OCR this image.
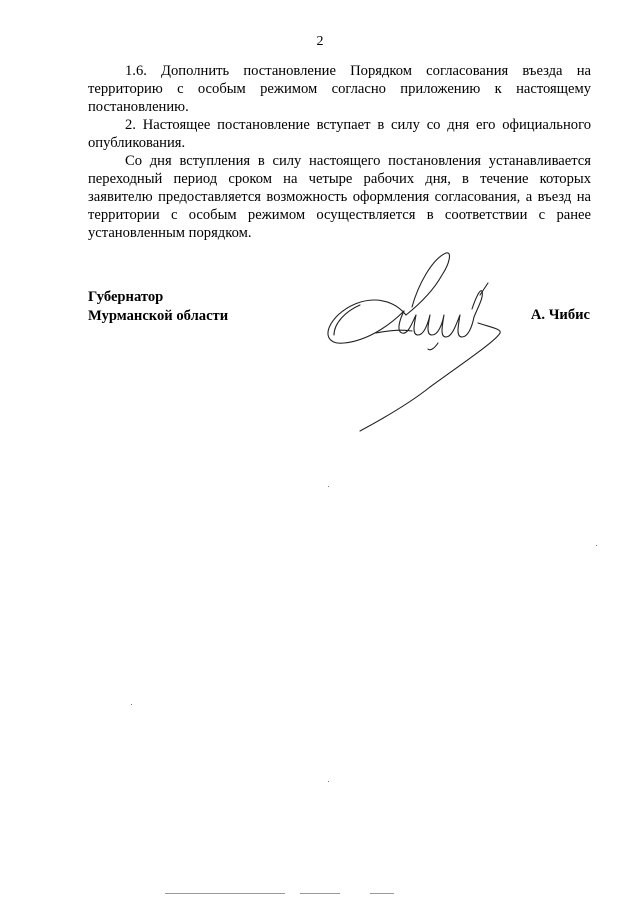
2

1.6. Дополнить постановление Порядком согласования въезда на территорию с особым режимом согласно приложению к настоящему постановлению.

2. Настоящее постановление вступает в силу со дня его официального опубликования.

Со дня вступления в силу настоящего постановления устанавливается переходный период сроком на четыре рабочих дня, в течение которых заявителю предоставляется возможность оформления согласования, а въезд на территории с особым режимом осуществляется в соответствии с ранее установленным порядком.

Губернатор
Мурманской области	А. Чибис
